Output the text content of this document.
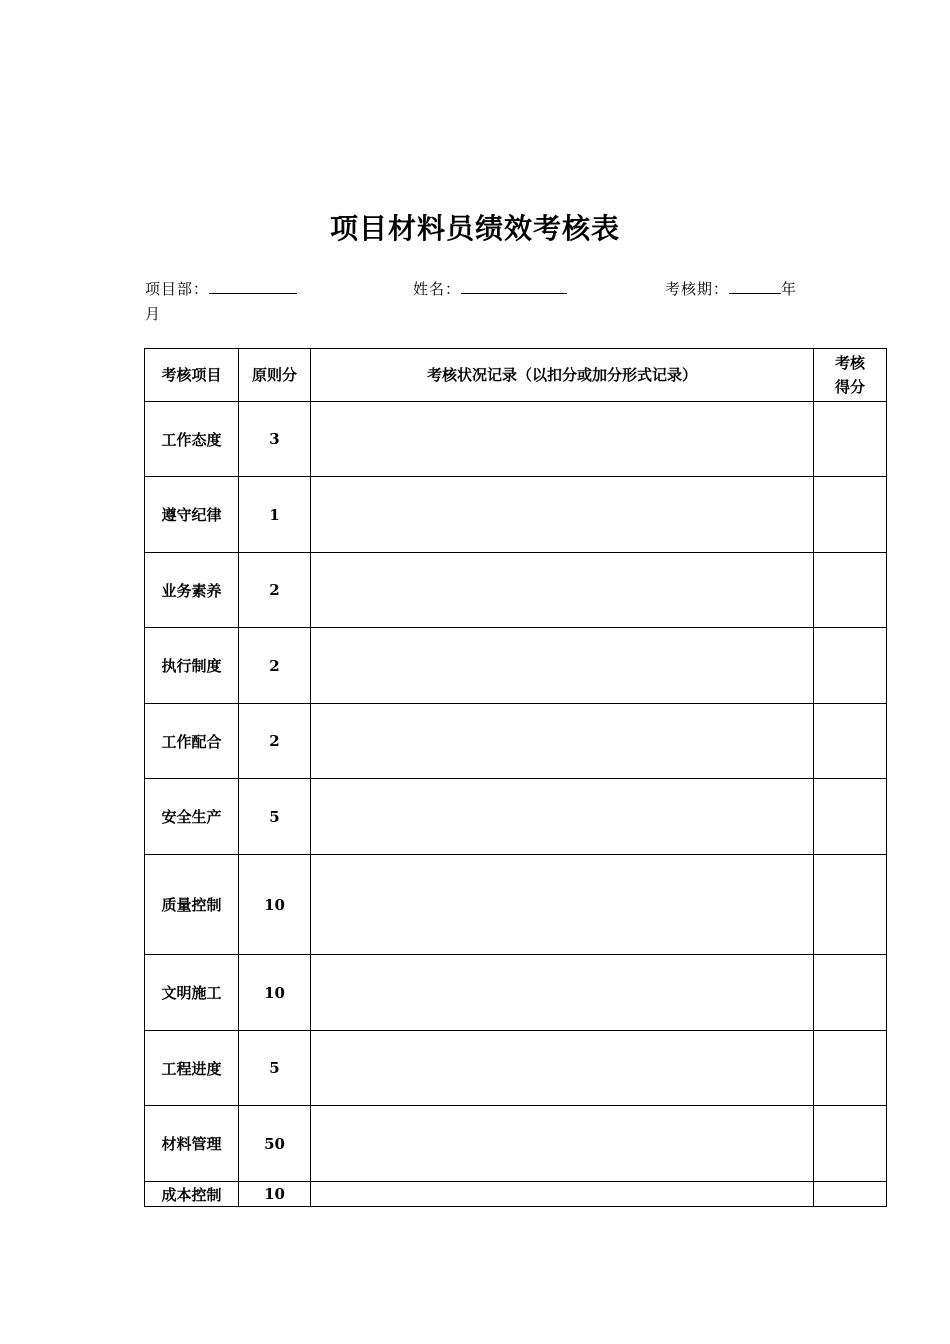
项目材料员绩效考核表
项目部：	姓名：	考核期：	年
月
考核项目	原则分	考核状况记录（以扣分或加分形式记录）	考核
得分
工作态度	3		
遵守纪律	1		
业务素养	2		
执行制度	2		
工作配合	2		
安全生产	5		
质量控制	10		
文明施工	10		
工程进度	5		
材料管理	50		
成本控制	10		
